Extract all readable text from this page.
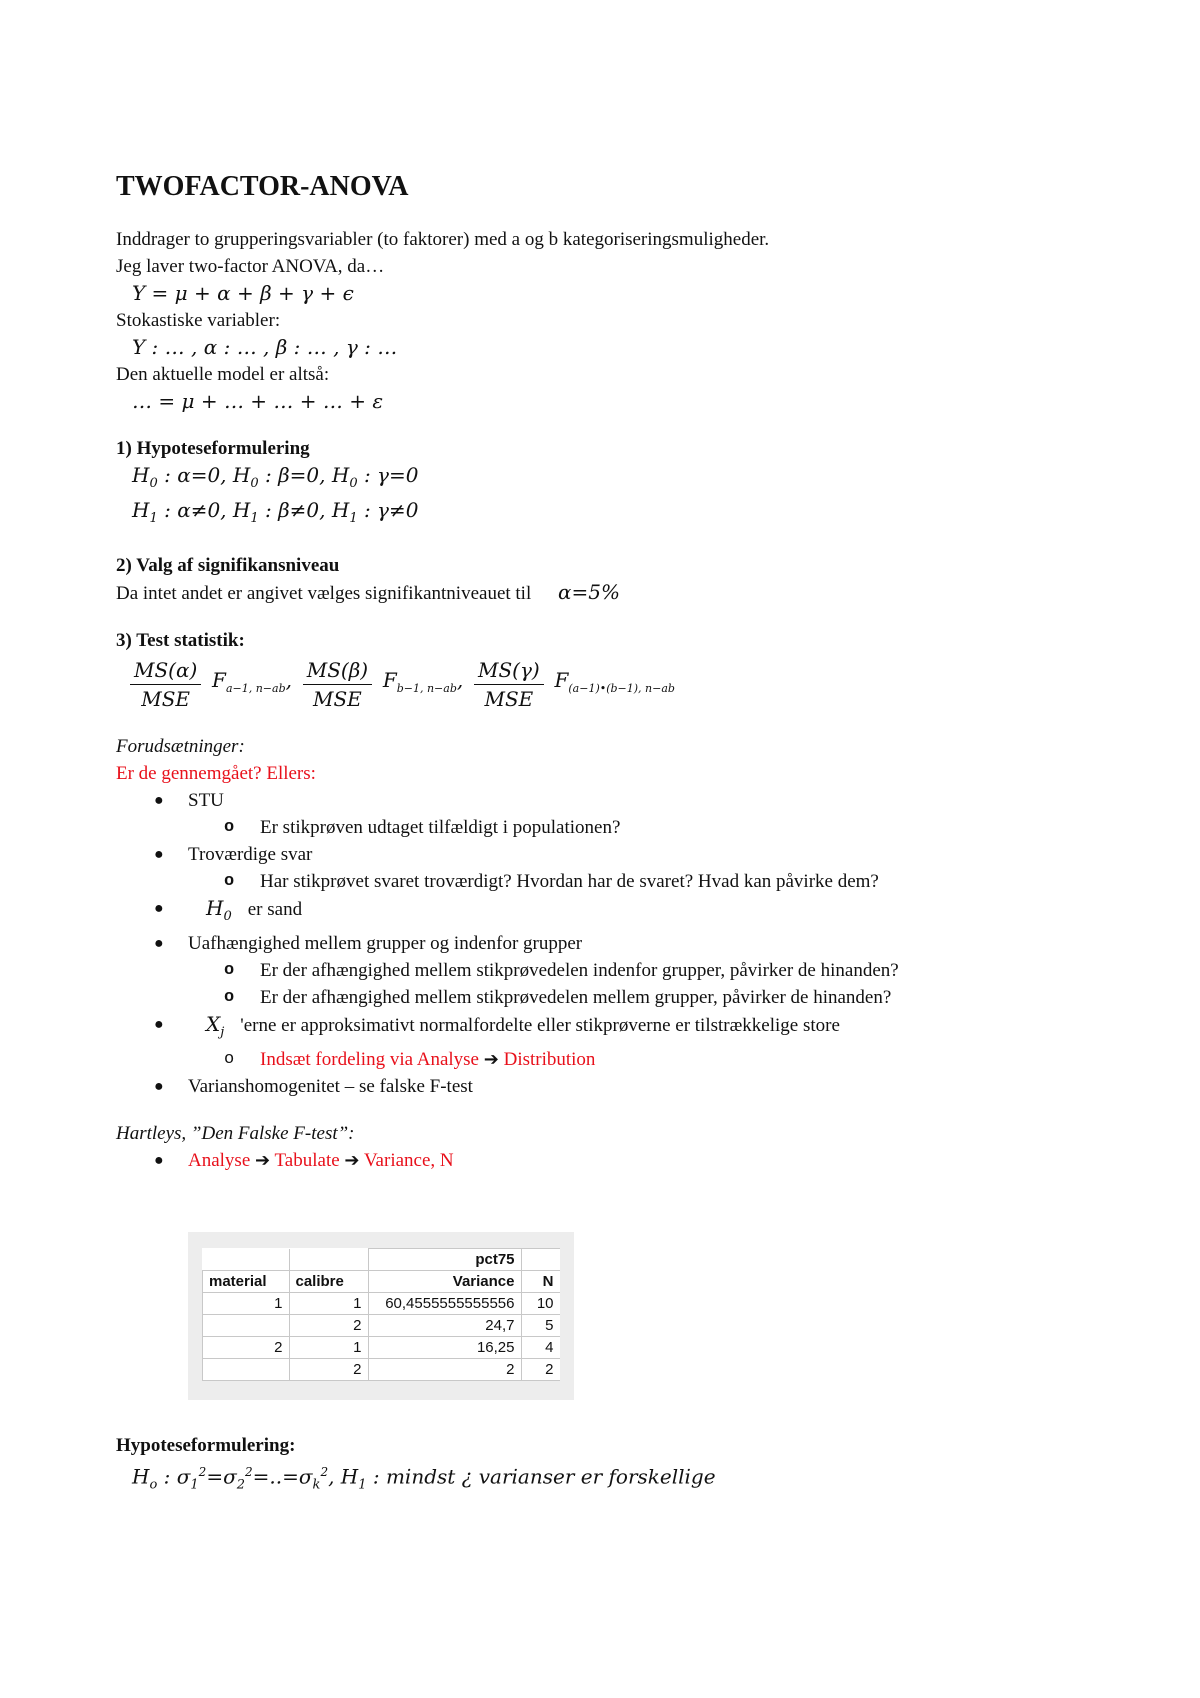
TWOFACTOR-ANOVA

Inddrager to grupperingsvariabler (to faktorer) med a og b kategoriseringsmuligheder.

Jeg laver two-factor ANOVA, da…

Y = μ + α + β + γ + ϵ

Stokastiske variabler:

Y : … , α : … , β : … , γ : …

Den aktuelle model er altså:

… = μ + … + … + … + ε

1) Hypoteseformulering

$H_0$ : α=0, $H_0$ : β=0, $H_0$ : γ=0

$H_1$ : α≠0, $H_1$ : β≠0, $H_1$ : γ≠0

2) Valg af signifikansniveau

Da intet andet er angivet vælges signifikantniveauet til α=5%

3) Test statistik:

$\frac{MS(\alpha)}{\text{MSE}} F_{a-1, n-ab}$, $\frac{MS(\beta)}{\text{MSE}} F_{b-1, n-ab}$, $\frac{MS(\gamma)}{\text{MSE}} F_{(a-1)•(b-1), n-ab}$

Forudsætninger:

Er de gennemgået? Ellers:

● STU
o Er stikprøven udtaget tilfældigt i populationen?
● Troværdige svar
o Har stikprøvet svaret troværdigt? Hvordan har de svaret? Hvad kan påvirke dem?
● $H_0$ er sand
● Uafhængighed mellem grupper og indenfor grupper
o Er der afhængighed mellem stikprøvedelen indenfor grupper, påvirker de hinanden?
o Er der afhængighed mellem stikprøvedelen mellem grupper, påvirker de hinanden?
● $X_j$ 'erne er approksimativt normalfordelte eller stikprøverne er tilstrækkelige store
o Indsæt fordeling via Analyse ➔ Distribution
● Varianshomogenitet – se falske F-test

Hartleys, ”Den Falske F-test”:

● Analyse ➔ Tabulate ➔ Variance, N
		pct75	
material	calibre	Variance	N
1	1	60,4555555555556	10
	2	24,7	5
2	1	16,25	4
	2	2	2

Hypoteseformulering:

$H_o$ : $\sigma_1^2=\sigma_2^2=..=\sigma_k^2$, $H_1$ : mindst ¿ varianser er forskellige
